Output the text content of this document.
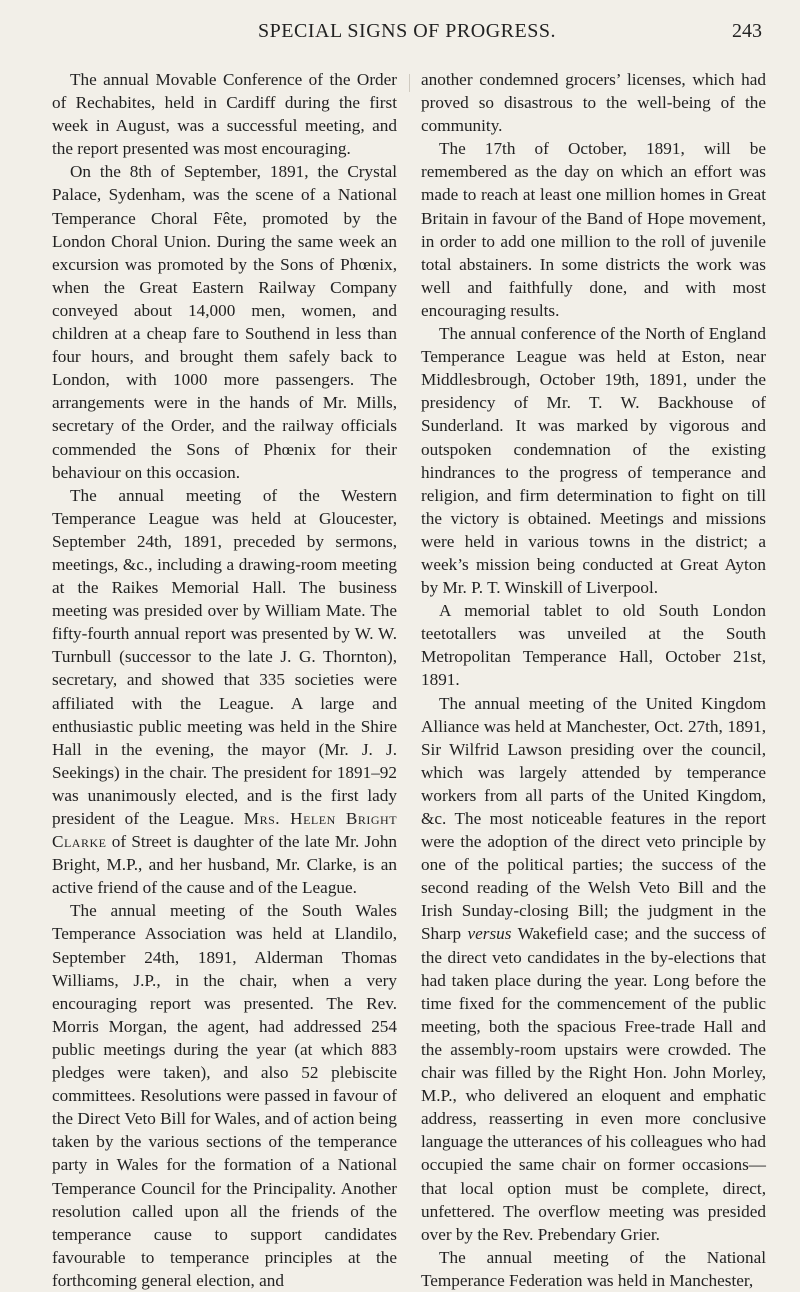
SPECIAL SIGNS OF PROGRESS.	243

The annual Movable Conference of the Order of Rechabites, held in Cardiff during the first week in August, was a successful meeting, and the report presented was most encouraging.

On the 8th of September, 1891, the Crystal Palace, Sydenham, was the scene of a National Temperance Choral Fête, promoted by the London Choral Union. During the same week an excursion was promoted by the Sons of Phœnix, when the Great Eastern Railway Company conveyed about 14,000 men, women, and children at a cheap fare to Southend in less than four hours, and brought them safely back to London, with 1000 more passengers. The arrangements were in the hands of Mr. Mills, secretary of the Order, and the railway officials commended the Sons of Phœnix for their behaviour on this occasion.

The annual meeting of the Western Temperance League was held at Gloucester, September 24th, 1891, preceded by sermons, meetings, &c., including a drawing-room meeting at the Raikes Memorial Hall. The business meeting was presided over by William Mate. The fifty-fourth annual report was presented by W. W. Turnbull (successor to the late J. G. Thornton), secretary, and showed that 335 societies were affiliated with the League. A large and enthusiastic public meeting was held in the Shire Hall in the evening, the mayor (Mr. J. J. Seekings) in the chair. The president for 1891–92 was unanimously elected, and is the first lady president of the League. Mrs. Helen Bright Clarke of Street is daughter of the late Mr. John Bright, M.P., and her husband, Mr. Clarke, is an active friend of the cause and of the League.

The annual meeting of the South Wales Temperance Association was held at Llandilo, September 24th, 1891, Alderman Thomas Williams, J.P., in the chair, when a very encouraging report was presented. The Rev. Morris Morgan, the agent, had addressed 254 public meetings during the year (at which 883 pledges were taken), and also 52 plebiscite committees. Resolutions were passed in favour of the Direct Veto Bill for Wales, and of action being taken by the various sections of the temperance party in Wales for the formation of a National Temperance Council for the Principality. Another resolution called upon all the friends of the temperance cause to support candidates favourable to temperance principles at the forthcoming general election, and

another condemned grocers’ licenses, which had proved so disastrous to the well-being of the community.

The 17th of October, 1891, will be remembered as the day on which an effort was made to reach at least one million homes in Great Britain in favour of the Band of Hope movement, in order to add one million to the roll of juvenile total abstainers. In some districts the work was well and faithfully done, and with most encouraging results.

The annual conference of the North of England Temperance League was held at Eston, near Middlesbrough, October 19th, 1891, under the presidency of Mr. T. W. Backhouse of Sunderland. It was marked by vigorous and outspoken condemnation of the existing hindrances to the progress of temperance and religion, and firm determination to fight on till the victory is obtained. Meetings and missions were held in various towns in the district; a week’s mission being conducted at Great Ayton by Mr. P. T. Winskill of Liverpool.

A memorial tablet to old South London teetotallers was unveiled at the South Metropolitan Temperance Hall, October 21st, 1891.

The annual meeting of the United Kingdom Alliance was held at Manchester, Oct. 27th, 1891, Sir Wilfrid Lawson presiding over the council, which was largely attended by temperance workers from all parts of the United Kingdom, &c. The most noticeable features in the report were the adoption of the direct veto principle by one of the political parties; the success of the second reading of the Welsh Veto Bill and the Irish Sunday-closing Bill; the judgment in the Sharp versus Wakefield case; and the success of the direct veto candidates in the by-elections that had taken place during the year. Long before the time fixed for the commencement of the public meeting, both the spacious Free-trade Hall and the assembly-room upstairs were crowded. The chair was filled by the Right Hon. John Morley, M.P., who delivered an eloquent and emphatic address, reasserting in even more conclusive language the utterances of his colleagues who had occupied the same chair on former occasions—that local option must be complete, direct, unfettered. The overflow meeting was presided over by the Rev. Prebendary Grier.

The annual meeting of the National Temperance Federation was held in Manchester,
